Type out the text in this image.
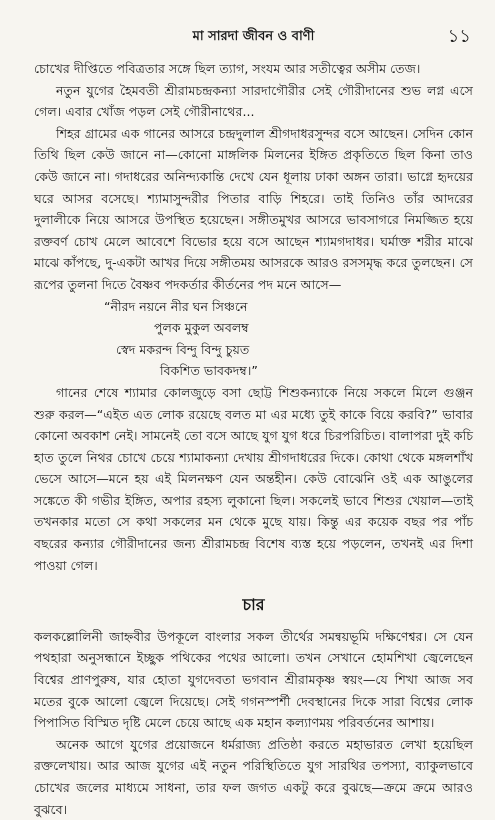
মা সারদা জীবন ও বাণী	১১

চোখের দীপ্তিতে পবিত্রতার সঙ্গে ছিল ত্যাগ, সংযম আর সতীত্বের অসীম তেজ।

নতুন যুগের হৈমবতী শ্রীরামচন্দ্রকন্যা সারদাগৌরীর সেই গৌরীদানের শুভ লগ্ন এসে গেল। এবার খোঁজ পড়ল সেই গৌরীনাথের...

শিহর গ্রামের এক গানের আসরে চন্দ্রদুলাল শ্রীগদাধরসুন্দর বসে আছেন। সেদিন কোন তিথি ছিল কেউ জানে না—কোনো মাঙ্গলিক মিলনের ইঙ্গিত প্রকৃতিতে ছিল কিনা তাও কেউ জানে না। গদাধরের অনিন্দ্যকান্তি দেখে যেন ধূলায় ঢাকা অঙ্গন তারা। ভাগ্নে হৃদয়ের ঘরে আসর বসেছে। শ্যামাসুন্দরীর পিতার বাড়ি শিহরে। তাই তিনিও তাঁর আদরের দুলালীকে নিয়ে আসরে উপস্থিত হয়েছেন। সঙ্গীতমুখর আসরে ভাবসাগরে নিমজ্জিত হয়ে রক্তবর্ণ চোখ মেলে আবেশে বিভোর হয়ে বসে আছেন শ্যামগদাধর। ঘর্মাক্ত শরীর মাঝে মাঝে কাঁপছে, দু-একটা আখর দিয়ে সঙ্গীতময় আসরকে আরও রসসমৃদ্ধ করে তুলছেন। সে রূপের তুলনা দিতে বৈষ্ণব পদকর্তার কীর্তনের পদ মনে আসে—

“নীরদ নয়নে নীর ঘন সিঞ্চনে
পুলক মুকুল অবলম্ব
স্বেদ মকরন্দ বিন্দু বিন্দু চুয়ত
বিকশিত ভাবকদম্ব।”

গানের শেষে শ্যামার কোলজুড়ে বসা ছোট্ট শিশুকন্যাকে নিয়ে সকলে মিলে গুঞ্জন শুরু করল—“এইত এত লোক রয়েছে বলত মা এর মধ্যে তুই কাকে বিয়ে করবি?” ভাবার কোনো অবকাশ নেই। সামনেই তো বসে আছে যুগ যুগ ধরে চিরপরিচিত। বালাপরা দুই কচি হাত তুলে নিথর চোখে চেয়ে শ্যামাকন্যা দেখায় শ্রীগদাধরের দিকে। কোথা থেকে মঙ্গলশাঁখ ভেসে আসে—মনে হয় এই মিলনক্ষণ যেন অন্তহীন। কেউ বোঝেনি ওই এক আঙুলের সঙ্কেতে কী গভীর ইঙ্গিত, অপার রহস্য লুকানো ছিল। সকলেই ভাবে শিশুর খেয়াল—তাই তখনকার মতো সে কথা সকলের মন থেকে মুছে যায়। কিন্তু এর কয়েক বছর পর পাঁচ বছরের কন্যার গৌরীদানের জন্য শ্রীরামচন্দ্র বিশেষ ব্যস্ত হয়ে পড়লেন, তখনই এর দিশা পাওয়া গেল।

চার

কলকল্লোলিনী জাহ্নবীর উপকূলে বাংলার সকল তীর্থের সমন্বয়ভূমি দক্ষিণেশ্বর। সে যেন পথহারা অনুসন্ধানে ইচ্ছুক পথিকের পথের আলো। তখন সেখানে হোমশিখা জ্বেলেছেন বিশ্বের প্রাণপুরুষ, যার হোতা যুগদেবতা ভগবান শ্রীরামকৃষ্ণ স্বয়ং—যে শিখা আজ সব মতের বুকে আলো জ্বেলে দিয়েছে। সেই গগনস্পর্শী দেবস্থানের দিকে সারা বিশ্বের লোক পিপাসিত বিস্মিত দৃষ্টি মেলে চেয়ে আছে এক মহান কল্যাণময় পরিবর্তনের আশায়।

অনেক আগে যুগের প্রয়োজনে ধর্মরাজ্য প্রতিষ্ঠা করতে মহাভারত লেখা হয়েছিল রক্তলেখায়। আর আজ যুগের এই নতুন পরিস্থিতিতে যুগ সারথির তপস্যা, ব্যাকুলভাবে চোখের জলের মাধ্যমে সাধনা, তার ফল জগত একটু করে বুঝছে—ক্রমে ক্রমে আরও বুঝবে।
